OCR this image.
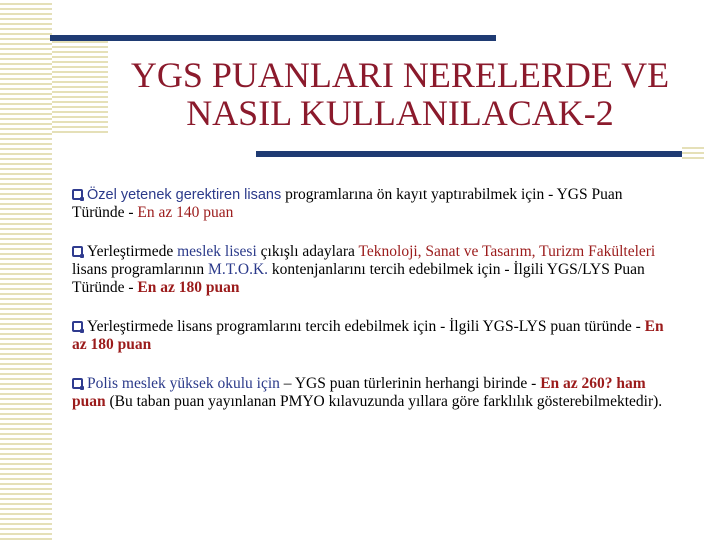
YGS PUANLARI NERELERDE VE
NASIL KULLANILACAK-2
Özel yetenek gerektiren lisans programlarına ön kayıt yaptırabilmek için - YGS Puan Türünde - En az 140 puan
Yerleştirmede meslek lisesi çıkışlı adaylara Teknoloji, Sanat ve Tasarım, Turizm Fakülteleri lisans programlarının M.T.O.K. kontenjanlarını tercih edebilmek için - İlgili YGS/LYS Puan Türünde - En az 180 puan
Yerleştirmede lisans programlarını tercih edebilmek için - İlgili YGS-LYS puan türünde - En az 180 puan
Polis meslek yüksek okulu için – YGS puan türlerinin herhangi birinde - En az 260? ham puan (Bu taban puan yayınlanan PMYO kılavuzunda yıllara göre farklılık gösterebilmektedir).
